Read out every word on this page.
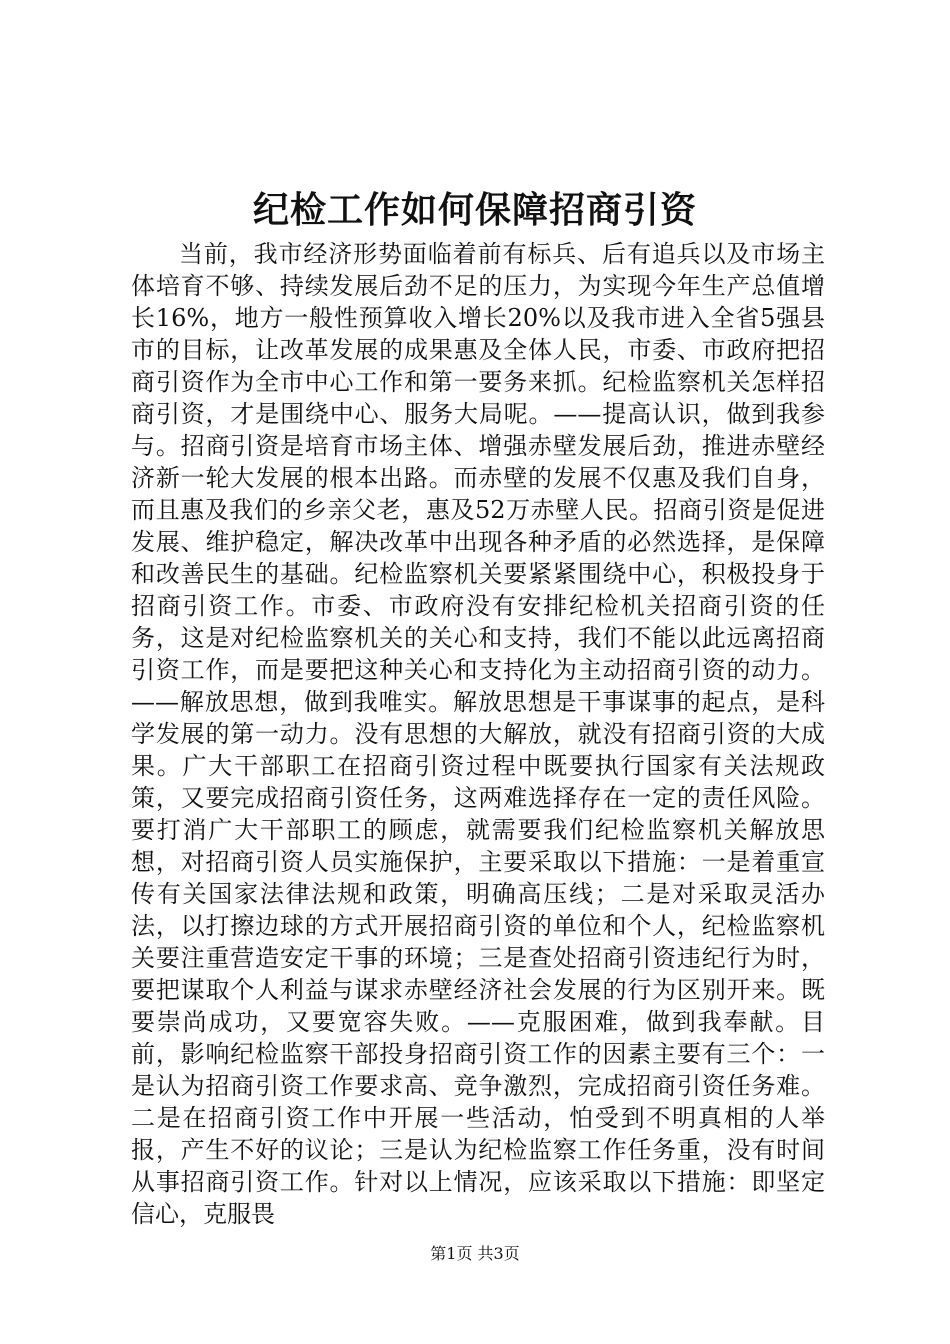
纪检工作如何保障招商引资

当前，我市经济形势面临着前有标兵、后有追兵以及市场主体培育不够、持续发展后劲不足的压力，为实现今年生产总值增长16%，地方一般性预算收入增长20%以及我市进入全省5强县市的目标，让改革发展的成果惠及全体人民，市委、市政府把招商引资作为全市中心工作和第一要务来抓。纪检监察机关怎样招商引资，才是围绕中心、服务大局呢。——提高认识，做到我参与。招商引资是培育市场主体、增强赤壁发展后劲，推进赤壁经济新一轮大发展的根本出路。而赤壁的发展不仅惠及我们自身，而且惠及我们的乡亲父老，惠及52万赤壁人民。招商引资是促进发展、维护稳定，解决改革中出现各种矛盾的必然选择，是保障和改善民生的基础。纪检监察机关要紧紧围绕中心，积极投身于招商引资工作。市委、市政府没有安排纪检机关招商引资的任务，这是对纪检监察机关的关心和支持，我们不能以此远离招商引资工作，而是要把这种关心和支持化为主动招商引资的动力。——解放思想，做到我唯实。解放思想是干事谋事的起点，是科学发展的第一动力。没有思想的大解放，就没有招商引资的大成果。广大干部职工在招商引资过程中既要执行国家有关法规政策，又要完成招商引资任务，这两难选择存在一定的责任风险。要打消广大干部职工的顾虑，就需要我们纪检监察机关解放思想，对招商引资人员实施保护，主要采取以下措施：一是着重宣传有关国家法律法规和政策，明确高压线；二是对采取灵活办法，以打擦边球的方式开展招商引资的单位和个人，纪检监察机关要注重营造安定干事的环境；三是查处招商引资违纪行为时，要把谋取个人利益与谋求赤壁经济社会发展的行为区别开来。既要崇尚成功，又要宽容失败。——克服困难，做到我奉献。目前，影响纪检监察干部投身招商引资工作的因素主要有三个：一是认为招商引资工作要求高、竞争激烈，完成招商引资任务难。二是在招商引资工作中开展一些活动，怕受到不明真相的人举报，产生不好的议论；三是认为纪检监察工作任务重，没有时间从事招商引资工作。针对以上情况，应该采取以下措施：即坚定信心，克服畏

第1页 共3页
